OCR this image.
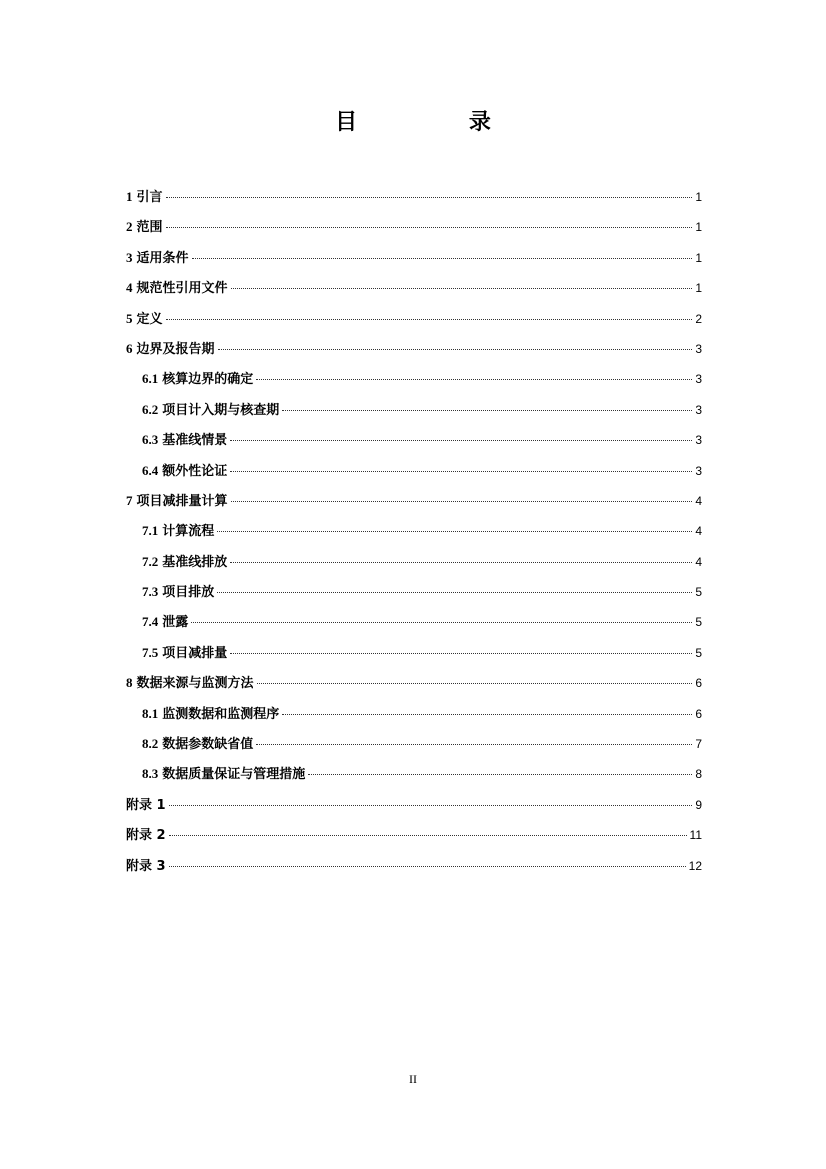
目 录
1 引言	1
2 范围	1
3 适用条件	1
4 规范性引用文件	1
5 定义	2
6 边界及报告期	3
6.1 核算边界的确定	3
6.2 项目计入期与核查期	3
6.3 基准线情景	3
6.4 额外性论证	3
7 项目减排量计算	4
7.1 计算流程	4
7.2 基准线排放	4
7.3 项目排放	5
7.4 泄露	5
7.5 项目减排量	5
8 数据来源与监测方法	6
8.1 监测数据和监测程序	6
8.2 数据参数缺省值	7
8.3 数据质量保证与管理措施	8
附录 1	9
附录 2	11
附录 3	12
II
